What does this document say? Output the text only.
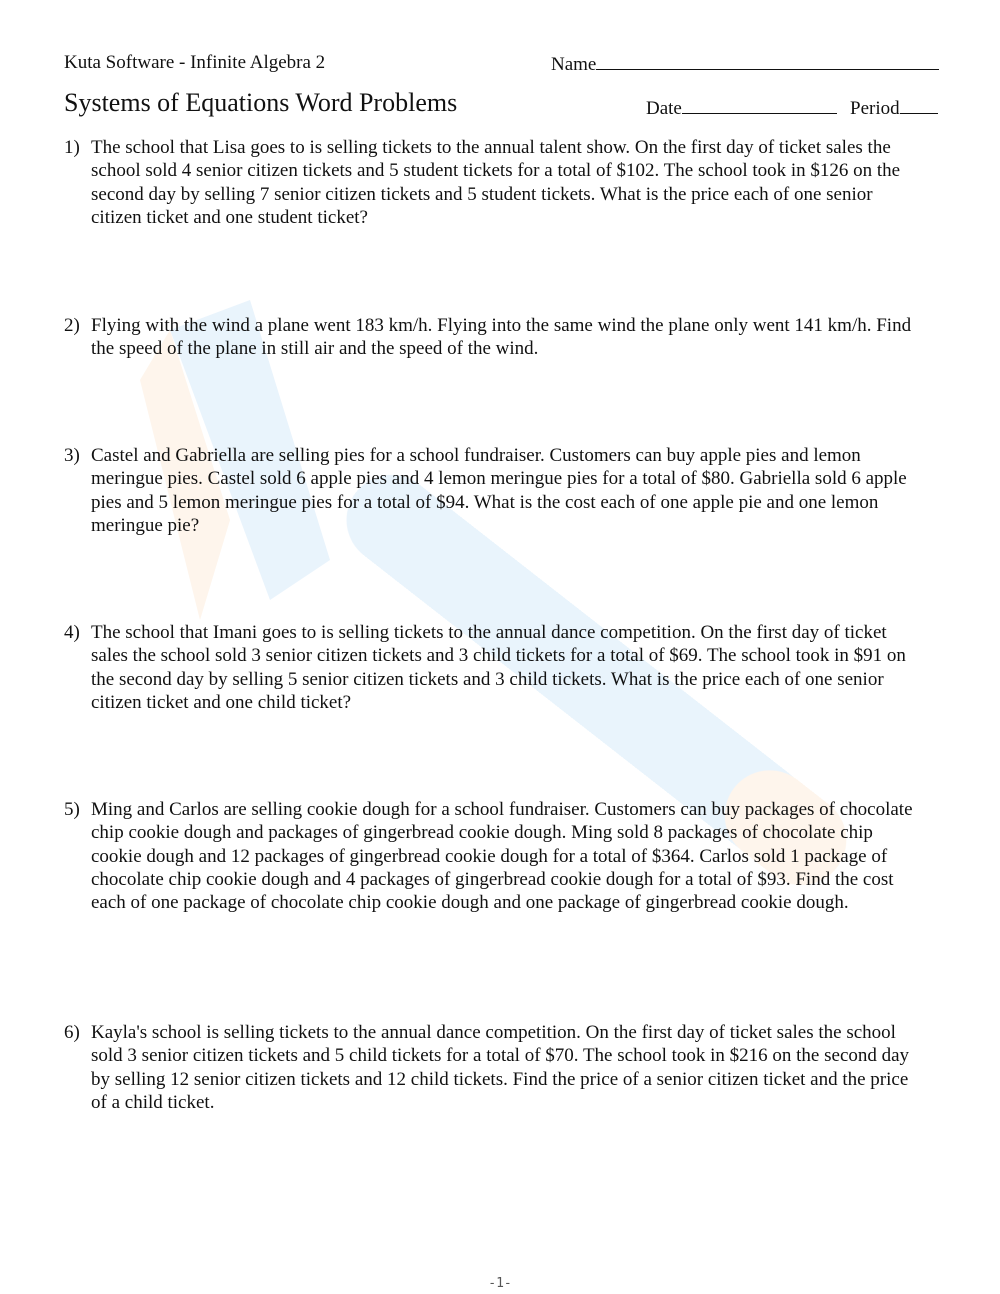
Kuta Software - Infinite Algebra 2	Name
Systems of Equations Word Problems	Date	Period
1) The school that Lisa goes to is selling tickets to the annual talent show. On the first day of ticket sales the school sold 4 senior citizen tickets and 5 student tickets for a total of $102. The school took in $126 on the second day by selling 7 senior citizen tickets and 5 student tickets. What is the price each of one senior citizen ticket and one student ticket?
2) Flying with the wind a plane went 183 km/h. Flying into the same wind the plane only went 141 km/h. Find the speed of the plane in still air and the speed of the wind.
3) Castel and Gabriella are selling pies for a school fundraiser. Customers can buy apple pies and lemon meringue pies. Castel sold 6 apple pies and 4 lemon meringue pies for a total of $80. Gabriella sold 6 apple pies and 5 lemon meringue pies for a total of $94. What is the cost each of one apple pie and one lemon meringue pie?
4) The school that Imani goes to is selling tickets to the annual dance competition. On the first day of ticket sales the school sold 3 senior citizen tickets and 3 child tickets for a total of $69. The school took in $91 on the second day by selling 5 senior citizen tickets and 3 child tickets. What is the price each of one senior citizen ticket and one child ticket?
5) Ming and Carlos are selling cookie dough for a school fundraiser. Customers can buy packages of chocolate chip cookie dough and packages of gingerbread cookie dough. Ming sold 8 packages of chocolate chip cookie dough and 12 packages of gingerbread cookie dough for a total of $364. Carlos sold 1 package of chocolate chip cookie dough and 4 packages of gingerbread cookie dough for a total of $93. Find the cost each of one package of chocolate chip cookie dough and one package of gingerbread cookie dough.
6) Kayla's school is selling tickets to the annual dance competition. On the first day of ticket sales the school sold 3 senior citizen tickets and 5 child tickets for a total of $70. The school took in $216 on the second day by selling 12 senior citizen tickets and 12 child tickets. Find the price of a senior citizen ticket and the price of a child ticket.
-1-
